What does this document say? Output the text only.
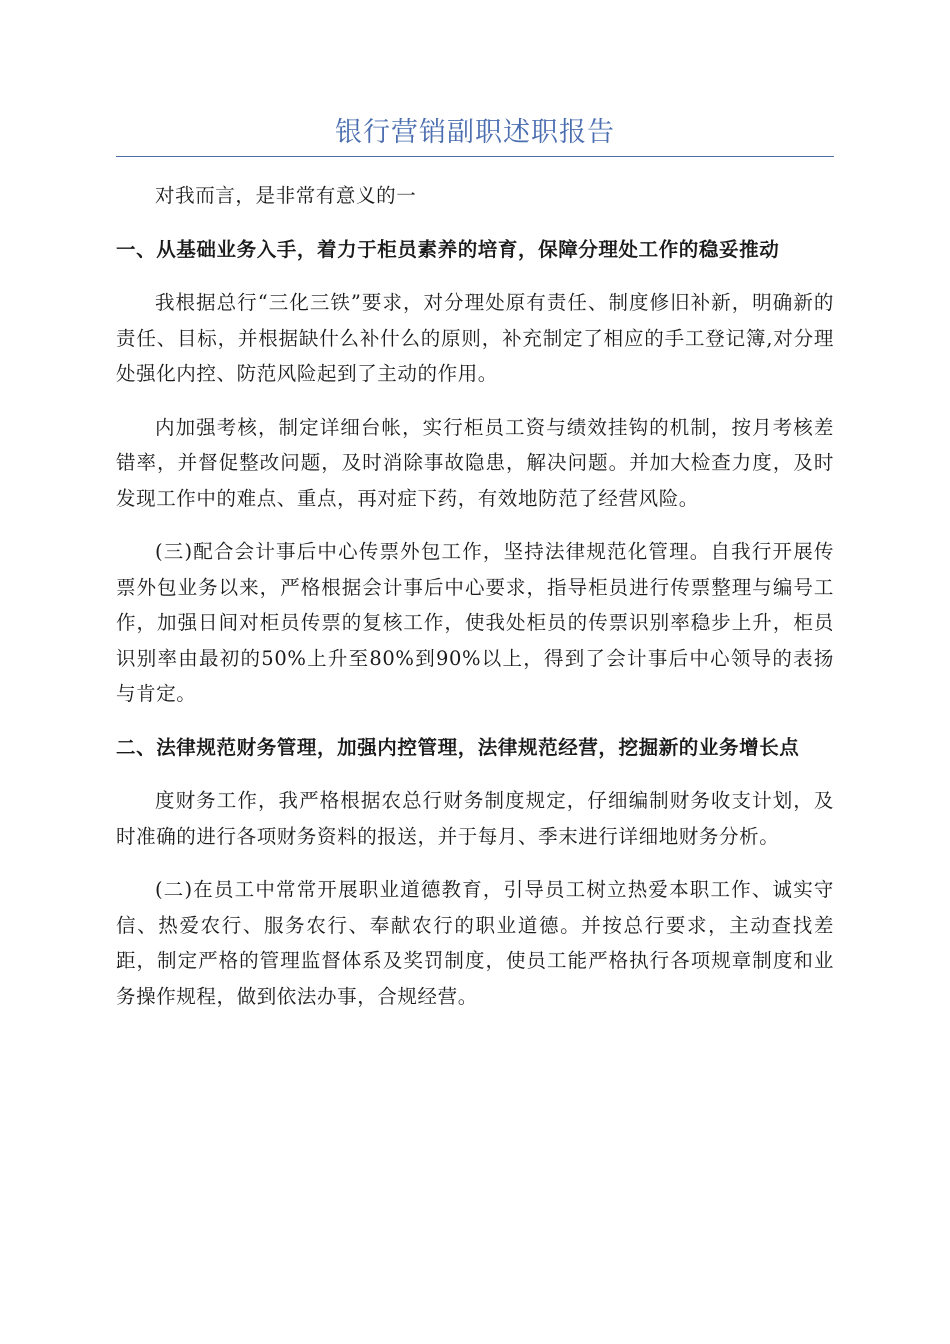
银行营销副职述职报告

对我而言，是非常有意义的一

一、从基础业务入手，着力于柜员素养的培育，保障分理处工作的稳妥推动

我根据总行“三化三铁”要求，对分理处原有责任、制度修旧补新，明确新的责任、目标，并根据缺什么补什么的原则，补充制定了相应的手工登记簿,对分理处强化内控、防范风险起到了主动的作用。

内加强考核，制定详细台帐，实行柜员工资与绩效挂钩的机制，按月考核差错率，并督促整改问题，及时消除事故隐患，解决问题。并加大检查力度，及时发现工作中的难点、重点，再对症下药，有效地防范了经营风险。

(三)配合会计事后中心传票外包工作，坚持法律规范化管理。自我行开展传票外包业务以来，严格根据会计事后中心要求，指导柜员进行传票整理与编号工作，加强日间对柜员传票的复核工作，使我处柜员的传票识别率稳步上升，柜员识别率由最初的50%上升至80%到90%以上，得到了会计事后中心领导的表扬与肯定。

二、法律规范财务管理，加强内控管理，法律规范经营，挖掘新的业务增长点

度财务工作，我严格根据农总行财务制度规定，仔细编制财务收支计划，及时准确的进行各项财务资料的报送，并于每月、季末进行详细地财务分析。

(二)在员工中常常开展职业道德教育，引导员工树立热爱本职工作、诚实守信、热爱农行、服务农行、奉献农行的职业道德。并按总行要求，主动查找差距，制定严格的管理监督体系及奖罚制度，使员工能严格执行各项规章制度和业务操作规程，做到依法办事，合规经营。
